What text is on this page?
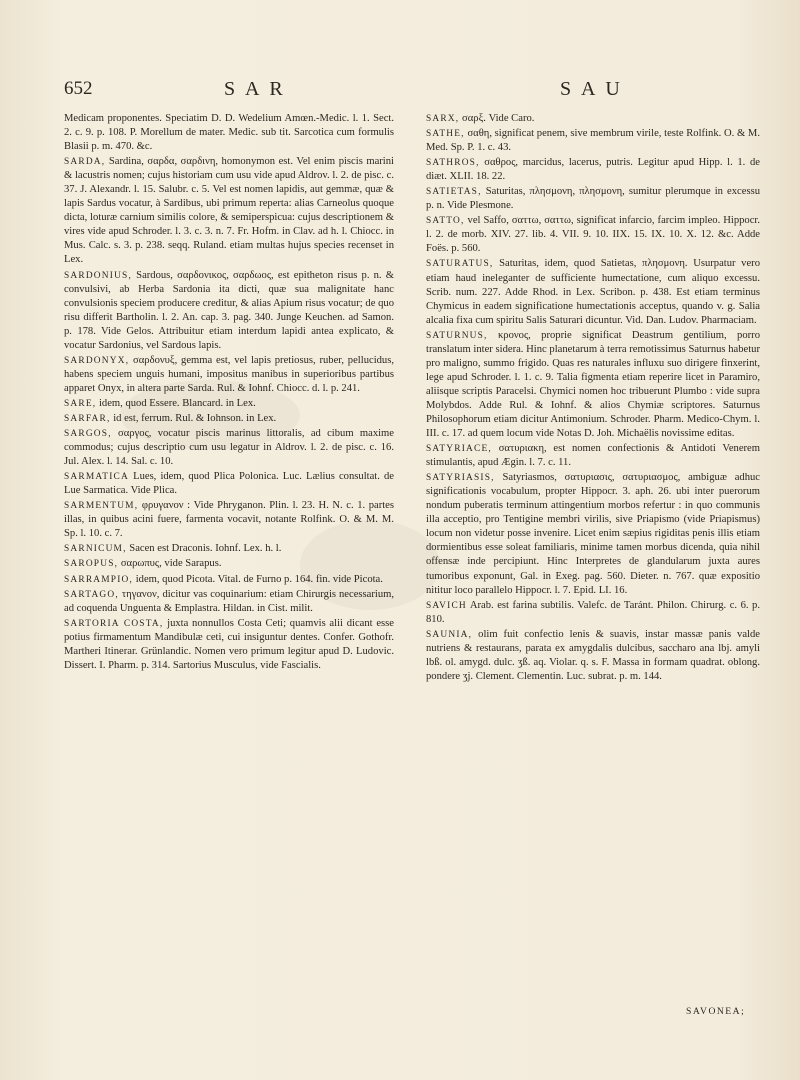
652	S A R	S A U

Medicam proponentes. Speciatim D. D. Wedelium Amœn.-Medic. l. 1. Sect. 2. c. 9. p. 108. P. Morellum de mater. Medic. sub tit. Sarcotica cum formulis Blasii p. m. 470. &c.

SARDA, Sardina, σαρδα, σαρδινη, homonymon est. Vel enim piscis marini & lacustris nomen; cujus historiam cum usu vide apud Aldrov. l. 2. de pisc. c. 37. J. Alexandr. l. 15. Salubr. c. 5. Vel est nomen lapidis, aut gemmæ, quæ & lapis Sardus vocatur, à Sardibus, ubi primum reperta: alias Carneolus quoque dicta, loturæ carnium similis colore, & semiperspicua: cujus descriptionem & vires vide apud Schroder. l. 3. c. 3. n. 7. Fr. Hofm. in Clav. ad h. l. Chiocc. in Mus. Calc. s. 3. p. 238. seqq. Ruland. etiam multas hujus species recenset in Lex.

SARDONIUS, Sardous, σαρδονικος, σαρδωος, est epitheton risus p. n. & convulsivi, ab Herba Sardonia ita dicti, quæ sua malignitate hanc convulsionis speciem producere creditur, & alias Apium risus vocatur; de quo risu differit Bartholin. l. 2. An. cap. 3. pag. 340. Junge Keuchen. ad Samon. p. 178. Vide Gelos. Attribuitur etiam interdum lapidi antea explicato, & vocatur Sardonius, vel Sardous lapis.

SARDONYX, σαρδονυξ, gemma est, vel lapis pretiosus, ruber, pellucidus, habens speciem unguis humani, impositus manibus in superioribus partibus apparet Onyx, in altera parte Sarda. Rul. & Iohnf. Chiocc. d. l. p. 241.

SARE, idem, quod Essere. Blancard. in Lex.

SARFAR, id est, ferrum. Rul. & Iohnson. in Lex.

SARGOS, σαργος, vocatur piscis marinus littoralis, ad cibum maxime commodus; cujus descriptio cum usu legatur in Aldrov. l. 2. de pisc. c. 16. Jul. Alex. l. 14. Sal. c. 10.

SARMATICA Lues, idem, quod Plica Polonica. Luc. Lælius consultat. de Lue Sarmatica. Vide Plica.

SARMENTUM, φρυγανον : Vide Phryganon. Plin. l. 23. H. N. c. 1. partes illas, in quibus acini fuere, farmenta vocavit, notante Rolfink. O. & M. M. Sp. l. 10. c. 7.

SARNICUM, Sacen est Draconis. Iohnf. Lex. h. l.

SAROPUS, σαρωπυς, vide Sarapus.

SARRAMPIO, idem, quod Picota. Vital. de Furno p. 164. fin. vide Picota.

SARTAGO, τηγανον, dicitur vas coquinarium: etiam Chirurgis necessarium, ad coquenda Unguenta & Emplastra. Hildan. in Cist. milit.

SARTORIA COSTA, juxta nonnullos Costa Ceti; quamvis alii dicant esse potius firmamentum Mandibulæ ceti, cui insiguntur dentes. Confer. Gothofr. Martheri Itinerar. Grünlandic. Nomen vero primum legitur apud D. Ludovic. Dissert. I. Pharm. p. 314. Sartorius Musculus, vide Fascialis.

SARX, σαρξ. Vide Caro.

SATHE, σαθη, significat penem, sive membrum virile, teste Rolfink. O. & M. Med. Sp. P. 1. c. 43.

SATHROS, σαθρος, marcidus, lacerus, putris. Legitur apud Hipp. l. 1. de diæt. XLII. 18. 22.

SATIETAS, Saturitas, πλησμονη, πλησμονη, sumitur plerumque in excessu p. n. Vide Plesmone.

SATTO, vel Saffo, σαττω, σαττω, significat infarcio, farcim impleo. Hippocr. l. 2. de morb. XIV. 27. lib. 4. VII. 9. 10. IIX. 15. IX. 10. X. 12. &c. Adde Foës. p. 560.

SATURATUS, Saturitas, idem, quod Satietas, πλησμονη. Usurpatur vero etiam haud ineleganter de sufficiente humectatione, cum aliquo excessu. Scrib. num. 227. Adde Rhod. in Lex. Scribon. p. 438. Est etiam terminus Chymicus in eadem significatione humectationis acceptus, quando v. g. Salia alcalia fixa cum spiritu Salis Saturari dicuntur. Vid. Dan. Ludov. Pharmaciam.

SATURNUS, κρονος, proprie significat Deastrum gentilium, porro translatum inter sidera. Hinc planetarum à terra remotissimus Saturnus habetur pro maligno, summo frigido. Quas res naturales influxu suo dirigere finxerint, lege apud Schroder. l. 1. c. 9. Talia figmenta etiam reperire licet in Paramiro, aliisque scriptis Paracelsi. Chymici nomen hoc tribuerunt Plumbo : vide supra Molybdos. Adde Rul. & Iohnf. & alios Chymiæ scriptores. Saturnus Philosophorum etiam dicitur Antimonium. Schroder. Pharm. Medico-Chym. l. III. c. 17. ad quem locum vide Notas D. Joh. Michaëlis novissime editas.

SATYRIACE, σατυριακη, est nomen confectionis & Antidoti Venerem stimulantis, apud Ægin. l. 7. c. 11.

SATYRIASIS, Satyriasmos, σατυριασις, σατυριασμος, ambiguæ adhuc significationis vocabulum, propter Hippocr. 3. aph. 26. ubi inter puerorum nondum puberatis terminum attingentium morbos refertur : in quo communis illa acceptio, pro Tentigine membri virilis, sive Priapismo (vide Priapismus) locum non videtur posse invenire. Licet enim sæpius rigiditas penis illis etiam dormientibus esse soleat familiaris, minime tamen morbus dicenda, quia nihil offensæ inde percipiunt. Hinc Interpretes de glandularum juxta aures tumoribus exponunt, Gal. in Exeg. pag. 560. Dieter. n. 767. quæ expositio nititur loco parallelo Hippocr. l. 7. Epid. LI. 16.

SAVICH Arab. est farina subtilis. Valefc. de Taránt. Philon. Chirurg. c. 6. p. 810.

SAUNIA, olim fuit confectio lenis & suavis, instar massæ panis valde nutriens & restaurans, parata ex amygdalis dulcibus, saccharo ana lbj. amyli lbß. ol. amygd. dulc. ʒß. aq. Violar. q. s. F. Massa in formam quadrat. oblong. pondere ʒj. Clement. Clementin. Luc. subrat. p. m. 144.

SAVONEA;
